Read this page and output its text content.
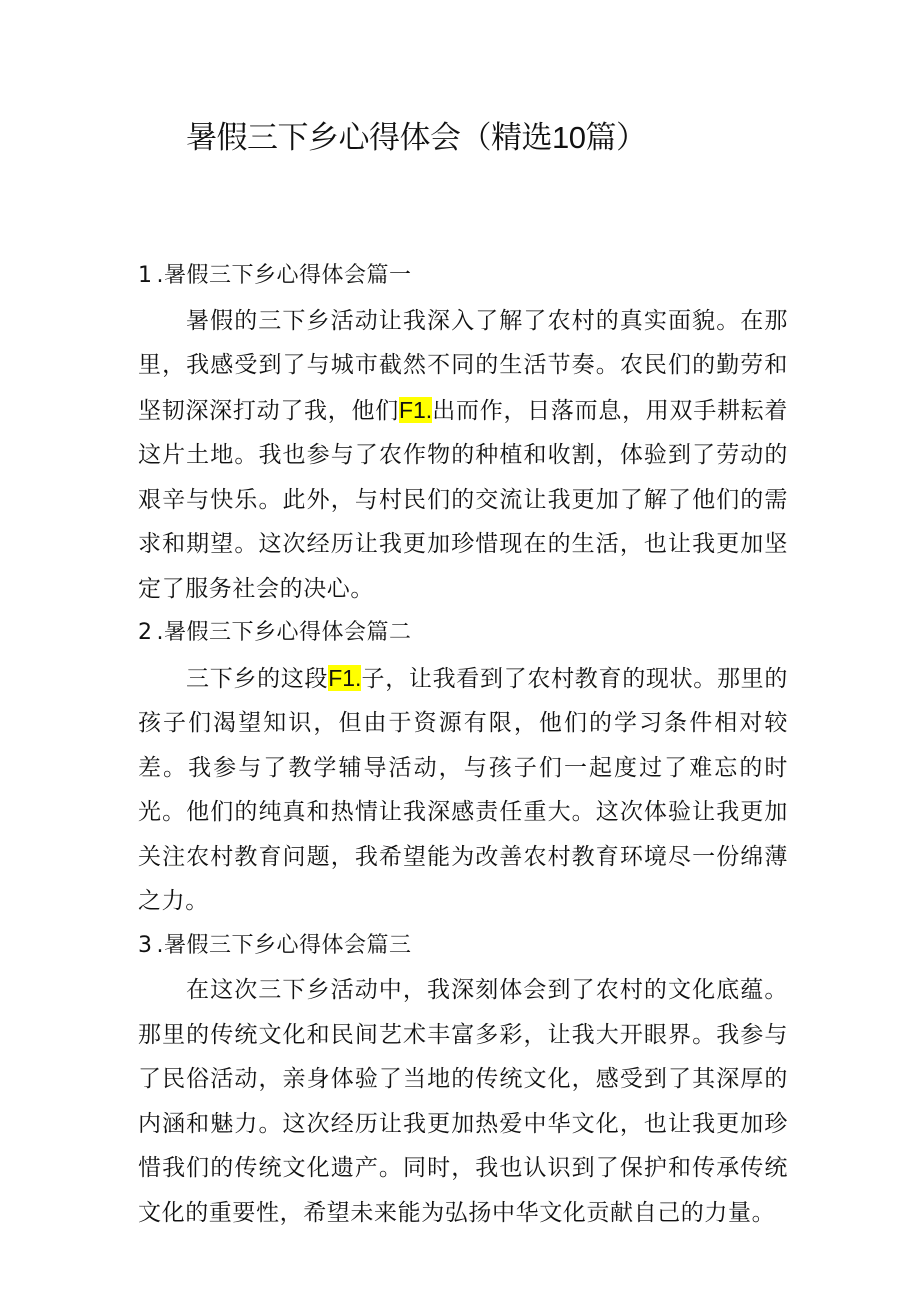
暑假三下乡心得体会（精选10篇）

1 .暑假三下乡心得体会篇一

暑假的三下乡活动让我深入了解了农村的真实面貌。在那里，我感受到了与城市截然不同的生活节奏。农民们的勤劳和坚韧深深打动了我，他们F1.出而作，日落而息，用双手耕耘着这片土地。我也参与了农作物的种植和收割，体验到了劳动的艰辛与快乐。此外，与村民们的交流让我更加了解了他们的需求和期望。这次经历让我更加珍惜现在的生活，也让我更加坚定了服务社会的决心。

2 .暑假三下乡心得体会篇二

三下乡的这段F1.子，让我看到了农村教育的现状。那里的孩子们渴望知识，但由于资源有限，他们的学习条件相对较差。我参与了教学辅导活动，与孩子们一起度过了难忘的时光。他们的纯真和热情让我深感责任重大。这次体验让我更加关注农村教育问题，我希望能为改善农村教育环境尽一份绵薄之力。

3 .暑假三下乡心得体会篇三

在这次三下乡活动中，我深刻体会到了农村的文化底蕴。那里的传统文化和民间艺术丰富多彩，让我大开眼界。我参与了民俗活动，亲身体验了当地的传统文化，感受到了其深厚的内涵和魅力。这次经历让我更加热爱中华文化，也让我更加珍惜我们的传统文化遗产。同时，我也认识到了保护和传承传统文化的重要性，希望未来能为弘扬中华文化贡献自己的力量。
